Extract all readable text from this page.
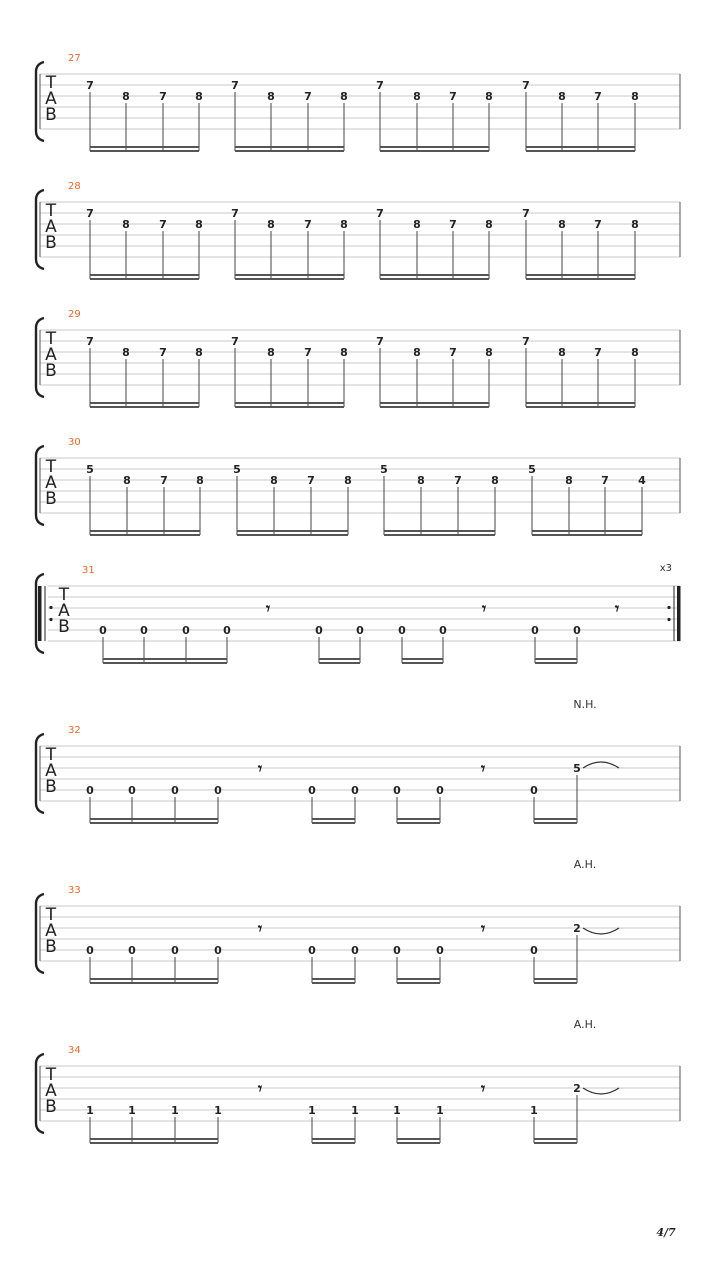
T
A
B
27
7
8	7	8
7
8	7	8
7
8	7	8
7
8	7	8
T
A
B
28
7
8	7	8
7
8	7	8
7
8	7	8
7
8	7	8
T
A
B
29
7
8	7	8
7
8	7	8
7
8	7	8
7
8	7	8
T
A
B
30
5
8	7	8
5
8	7	8
5
8	7	8
5
8	7	4
T
A
B
31	x3
0	0	0	0	0	0	0	0	0	0
𝄾	𝄾	𝄾
T
A
B
32
N.H.
0	0	0	0	0	0	0	0	0
5
𝄾	𝄾
T
A
B
33
A.H.
0	0	0	0	0	0	0	0	0
2
𝄾	𝄾
T
A
B
34
A.H.
1	1	1	1	1	1	1	1	1
2
𝄾	𝄾
4/7
